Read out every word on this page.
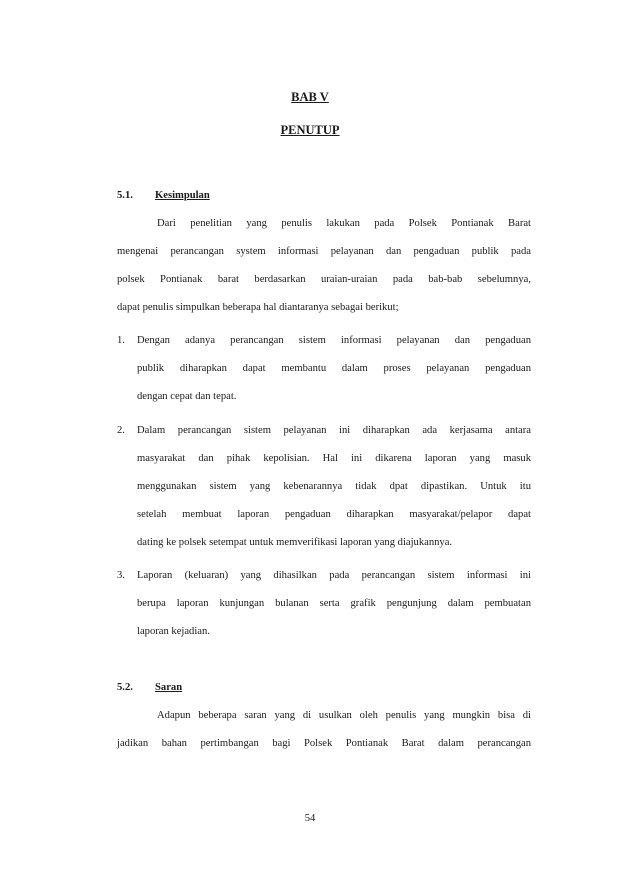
BAB V
PENUTUP
5.1. Kesimpulan
Dari penelitian yang penulis lakukan pada Polsek Pontianak Barat
mengenai perancangan system informasi pelayanan dan pengaduan publik pada
polsek Pontianak barat berdasarkan uraian-uraian pada bab-bab sebelumnya,
dapat penulis simpulkan beberapa hal diantaranya sebagai berikut;
1. Dengan adanya perancangan sistem informasi pelayanan dan pengaduan
publik diharapkan dapat membantu dalam proses pelayanan pengaduan
dengan cepat dan tepat.
2. Dalam perancangan sistem pelayanan ini diharapkan ada kerjasama antara
masyarakat dan pihak kepolisian. Hal ini dikarena laporan yang masuk
menggunakan sistem yang kebenarannya tidak dpat dipastikan. Untuk itu
setelah membuat laporan pengaduan diharapkan masyarakat/pelapor dapat
dating ke polsek setempat untuk memverifikasi laporan yang diajukannya.
3. Laporan (keluaran) yang dihasilkan pada perancangan sistem informasi ini
berupa laporan kunjungan bulanan serta grafik pengunjung dalam pembuatan
laporan kejadian.
5.2. Saran
Adapun beberapa saran yang di usulkan oleh penulis yang mungkin bisa di
jadikan bahan pertimbangan bagi Polsek Pontianak Barat dalam perancangan
54
